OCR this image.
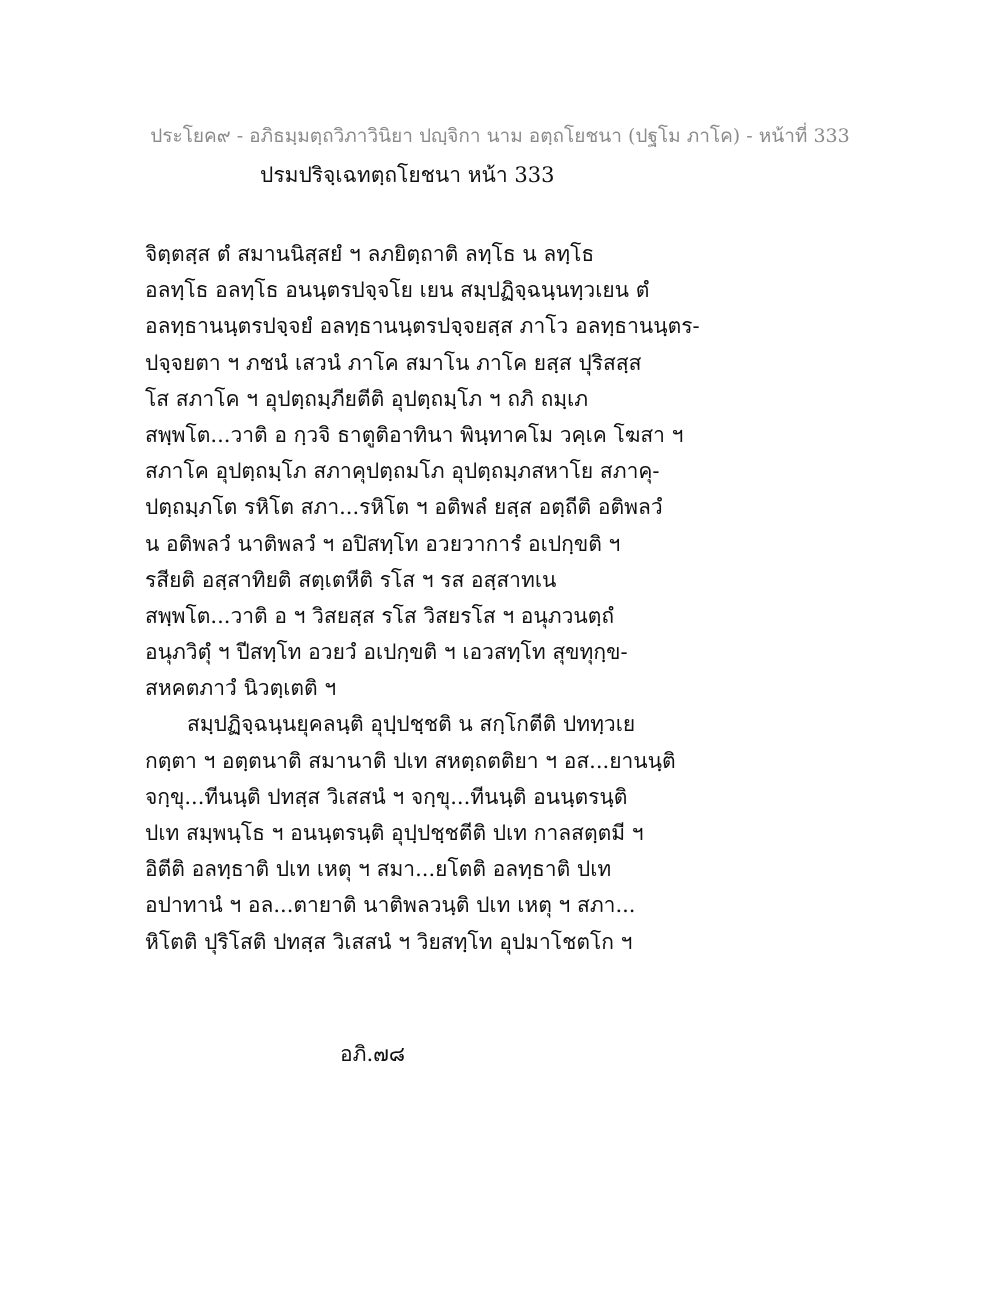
ประโยค๙ - อภิธมฺมตฺถวิภาวินิยา ปญฺจิกา นาม อตฺถโยชนา (ปฐโม ภาโค) - หน้าที่ 333
ปรมปริจฺเฉทตฺถโยชนา หน้า 333
จิตฺตสฺส ตํ สมานนิสฺสยํ ฯ ลภยิตฺถาติ ลทฺโธ น ลทฺโธ
อลทฺโธ อลทฺโธ อนนฺตรปจฺจโย เยน สมฺปฏิจฺฉนฺนทฺวเยน ตํ
อลทฺธานนฺตรปจฺจยํ อลทฺธานนฺตรปจฺจยสฺส ภาโว อลทฺธานนฺตร-
ปจฺจยตา ฯ ภชนํ เสวนํ ภาโค สมาโน ภาโค ยสฺส ปุริสสฺส
โส สภาโค ฯ อุปตฺถมฺภียตีติ อุปตฺถมฺโภ ฯ ถภิ ถมฺเภ
สพฺพโต...วาติ อ กฺวจิ ธาตูติอาทินา พินฺทาคโม วคฺเค โฆสา ฯ
สภาโค อุปตฺถมฺโภ สภาคุปตฺถมโภ อุปตฺถมฺภสหาโย สภาคุ-
ปตฺถมฺภโต รหิโต สภา...รหิโต ฯ อติพลํ ยสฺส อตฺถีติ อติพลวํ
น อติพลวํ นาติพลวํ ฯ อปิสทฺโท อวยวาการํ อเปกฺขติ ฯ
รสียติ อสฺสาทิยติ สตฺเตหีติ รโส ฯ รส อสฺสาทเน
สพฺพโต...วาติ อ ฯ วิสยสฺส รโส วิสยรโส ฯ อนุภวนตฺถํ
อนุภวิตุํ ฯ ปีสทฺโท อวยวํ อเปกฺขติ ฯ เอวสทฺโท สุขทุกฺข-
สหคตภาวํ นิวตฺเตติ ฯ
สมฺปฏิจฺฉนฺนยุคลนฺติ อุปฺปชฺชติ น สกฺโกตีติ ปททฺวเย
กตฺตา ฯ อตฺตนาติ สมานาติ ปเท สหตฺถตติยา ฯ อส...ยานนฺติ
จกฺขุ...ทีนนฺติ ปทสฺส วิเสสนํ ฯ จกฺขุ...ทีนนฺติ อนนฺตรนฺติ
ปเท สมฺพนฺโธ ฯ อนนฺตรนฺติ อุปฺปชฺชตีติ ปเท กาลสตฺตมี ฯ
อิตีติ อลทฺธาติ ปเท เหตุ ฯ สมา...ยโตติ อลทฺธาติ ปเท
อปาทานํ ฯ อล...ตายาติ นาติพลวนฺติ ปเท เหตุ ฯ สภา...
หิโตติ ปุริโสติ ปทสฺส วิเสสนํ ฯ วิยสทฺโท อุปมาโชตโก ฯ
อภิ.๗๘
